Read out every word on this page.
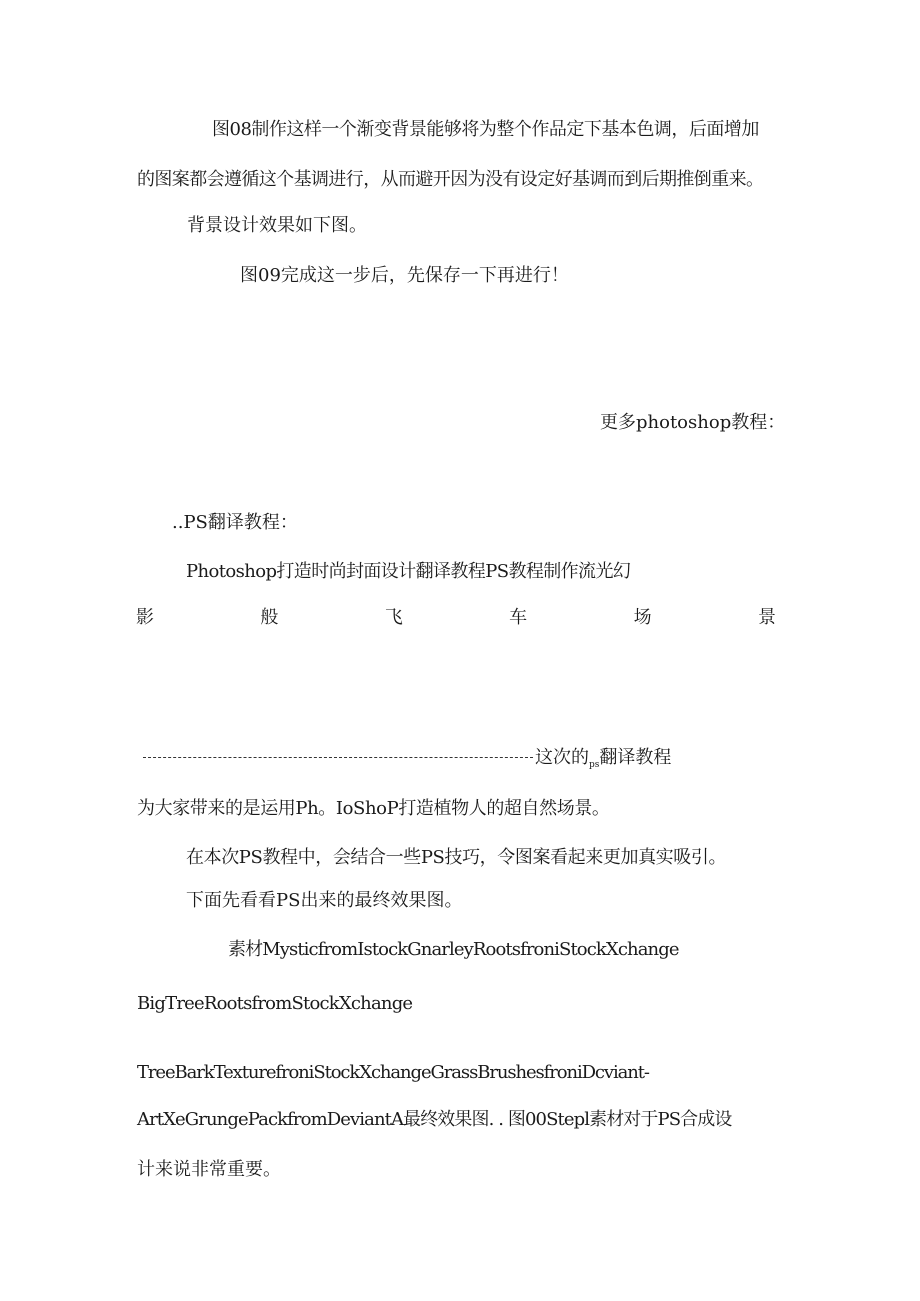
图08制作这样一个渐变背景能够将为整个作品定下基本色调，后面增加
的图案都会遵循这个基调进行，从而避开因为没有设定好基调而到后期推倒重来。
背景设计效果如下图。
图09完成这一步后，先保存一下再进行！
更多photoshop教程：
..PS翻译教程：
Photoshop打造时尚封面设计翻译教程PS教程制作流光幻
影	般	飞	车	场	景
这次的$_{ps}$翻译教程
为大家带来的是运用Ph。IoShoP打造植物人的超自然场景。
在本次PS教程中，会结合一些PS技巧，令图案看起来更加真实吸引。
下面先看看PS出来的最终效果图。
素材MysticfromIstockGnarleyRootsfroniStockXchange
BigTreeRootsfromStockXchange
TreeBarkTexturefroniStockXchangeGrassBrushesfroniDcviant-
ArtXeGrungePackfromDeviantA最终效果图. . 图00Stepl素材对于PS合成设
计来说非常重要。
